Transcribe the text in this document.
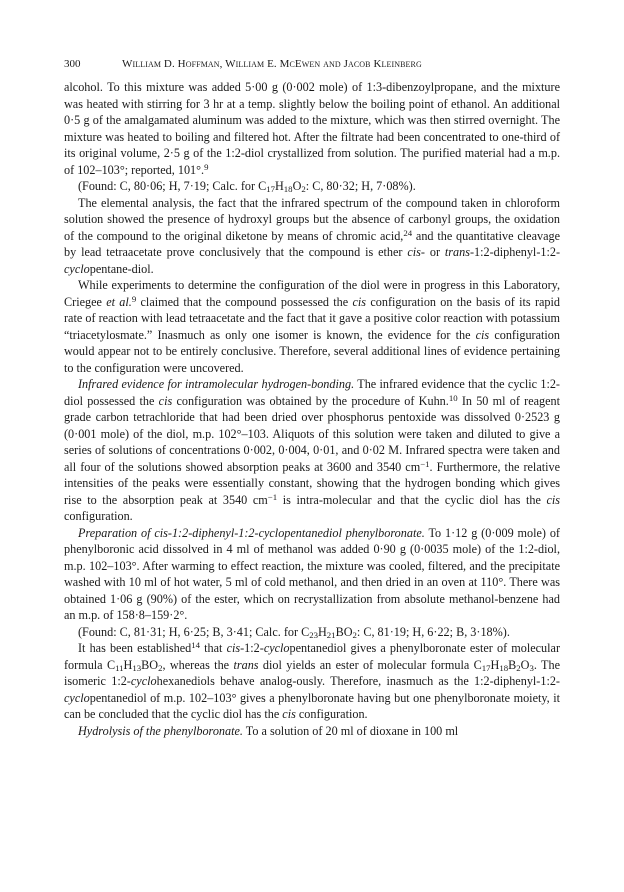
300	William D. Hoffman, William E. McEwen and Jacob Kleinberg

alcohol. To this mixture was added 5·00 g (0·002 mole) of 1:3-dibenzoylpropane, and the mixture was heated with stirring for 3 hr at a temp. slightly below the boiling point of ethanol. An additional 0·5 g of the amalgamated aluminum was added to the mixture, which was then stirred overnight. The mixture was heated to boiling and filtered hot. After the filtrate had been concentrated to one-third of its original volume, 2·5 g of the 1:2-diol crystallized from solution. The purified material had a m.p. of 102–103°; reported, 101°.$^9$

(Found: C, 80·06; H, 7·19; Calc. for $C_{17}H_{18}O_2$: C, 80·32; H, 7·08%).

The elemental analysis, the fact that the infrared spectrum of the compound taken in chloroform solution showed the presence of hydroxyl groups but the absence of carbonyl groups, the oxidation of the compound to the original diketone by means of chromic acid,$^{24}$ and the quantitative cleavage by lead tetraacetate prove conclusively that the compound is ether cis- or trans-1:2-diphenyl-1:2-cyclopentane-diol.

While experiments to determine the configuration of the diol were in progress in this Laboratory, Criegee et al.$^9$ claimed that the compound possessed the cis configuration on the basis of its rapid rate of reaction with lead tetraacetate and the fact that it gave a positive color reaction with potassium “triacetylosmate.” Inasmuch as only one isomer is known, the evidence for the cis configuration would appear not to be entirely conclusive. Therefore, several additional lines of evidence pertaining to the configuration were uncovered.

Infrared evidence for intramolecular hydrogen-bonding. The infrared evidence that the cyclic 1:2-diol possessed the cis configuration was obtained by the procedure of Kuhn.$^{10}$ In 50 ml of reagent grade carbon tetrachloride that had been dried over phosphorus pentoxide was dissolved 0·2523 g (0·001 mole) of the diol, m.p. 102°–103. Aliquots of this solution were taken and diluted to give a series of solutions of concentrations 0·002, 0·004, 0·01, and 0·02 M. Infrared spectra were taken and all four of the solutions showed absorption peaks at 3600 and 3540 $cm^{-1}$. Furthermore, the relative intensities of the peaks were essentially constant, showing that the hydrogen bonding which gives rise to the absorption peak at 3540 $cm^{-1}$ is intra-molecular and that the cyclic diol has the cis configuration.

Preparation of cis-1:2-diphenyl-1:2-cyclopentanediol phenylboronate. To 1·12 g (0·009 mole) of phenylboronic acid dissolved in 4 ml of methanol was added 0·90 g (0·0035 mole) of the 1:2-diol, m.p. 102–103°. After warming to effect reaction, the mixture was cooled, filtered, and the precipitate washed with 10 ml of hot water, 5 ml of cold methanol, and then dried in an oven at 110°. There was obtained 1·06 g (90%) of the ester, which on recrystallization from absolute methanol-benzene had an m.p. of 158·8–159·2°.

(Found: C, 81·31; H, 6·25; B, 3·41; Calc. for $C_{23}H_{21}BO_2$: C, 81·19; H, 6·22; B, 3·18%).

It has been established$^{14}$ that cis-1:2-cyclopentanediol gives a phenylboronate ester of molecular formula $C_{11}H_{13}BO_2$, whereas the trans diol yields an ester of molecular formula $C_{17}H_{18}B_2O_3$. The isomeric 1:2-cyclohexanediols behave analog-ously. Therefore, inasmuch as the 1:2-diphenyl-1:2-cyclopentanediol of m.p. 102–103° gives a phenylboronate having but one phenylboronate moiety, it can be concluded that the cyclic diol has the cis configuration.

Hydrolysis of the phenylboronate. To a solution of 20 ml of dioxane in 100 ml
